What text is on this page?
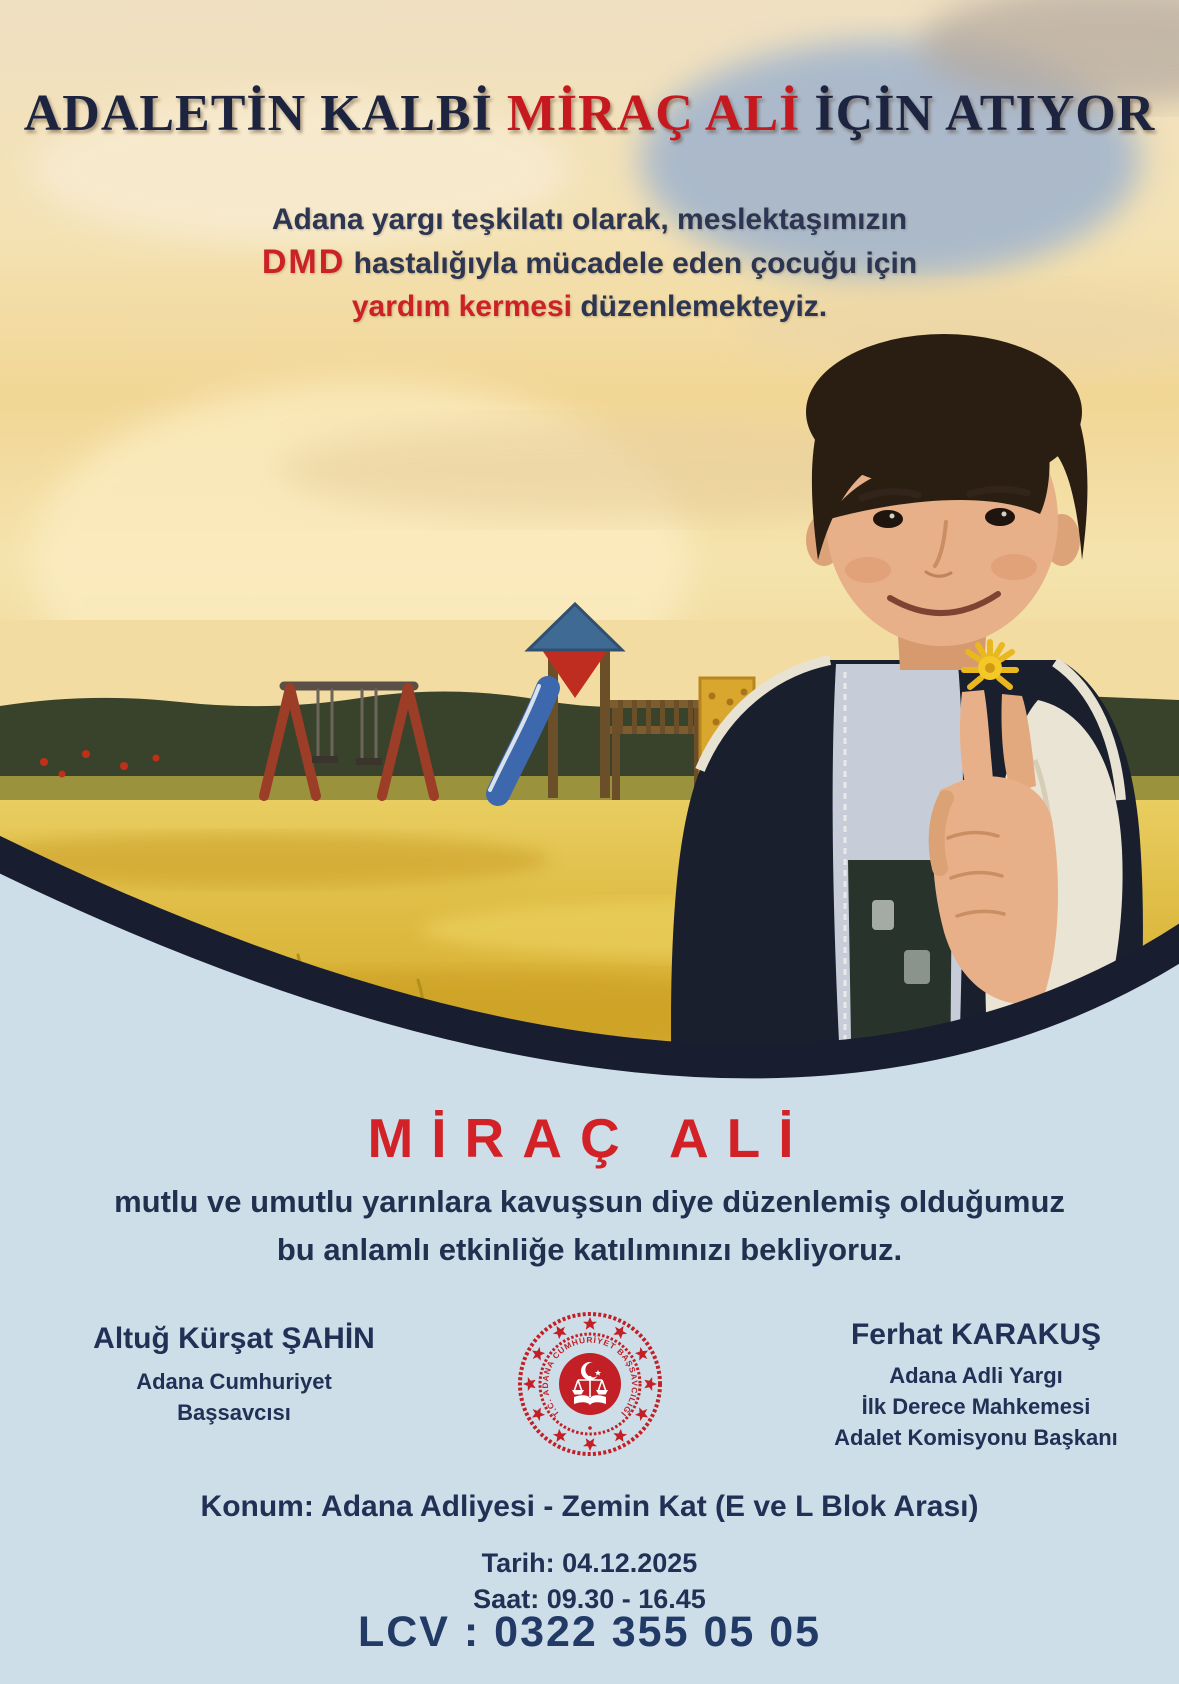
ADALETİN KALBİ MİRAÇ ALİ İÇİN ATIYOR
Adana yargı teşkilatı olarak, meslektaşımızın
DMD hastalığıyla mücadele eden çocuğu için
yardım kermesi düzenlemekteyiz.
MİRAÇ ALİ
mutlu ve umutlu yarınlara kavuşsun diye düzenlemiş olduğumuz
bu anlamlı etkinliğe katılımınızı bekliyoruz.
Altuğ Kürşat ŞAHİN
Adana Cumhuriyet
Başsavcısı
Ferhat KARAKUŞ
Adana Adli Yargı
İlk Derece Mahkemesi
Adalet Komisyonu Başkanı
T.C. ADANA CUMHURİYET BAŞSAVCILIĞI
Konum: Adana Adliyesi - Zemin Kat (E ve L Blok Arası)
Tarih: 04.12.2025
Saat: 09.30 - 16.45
LCV : 0322 355 05 05
